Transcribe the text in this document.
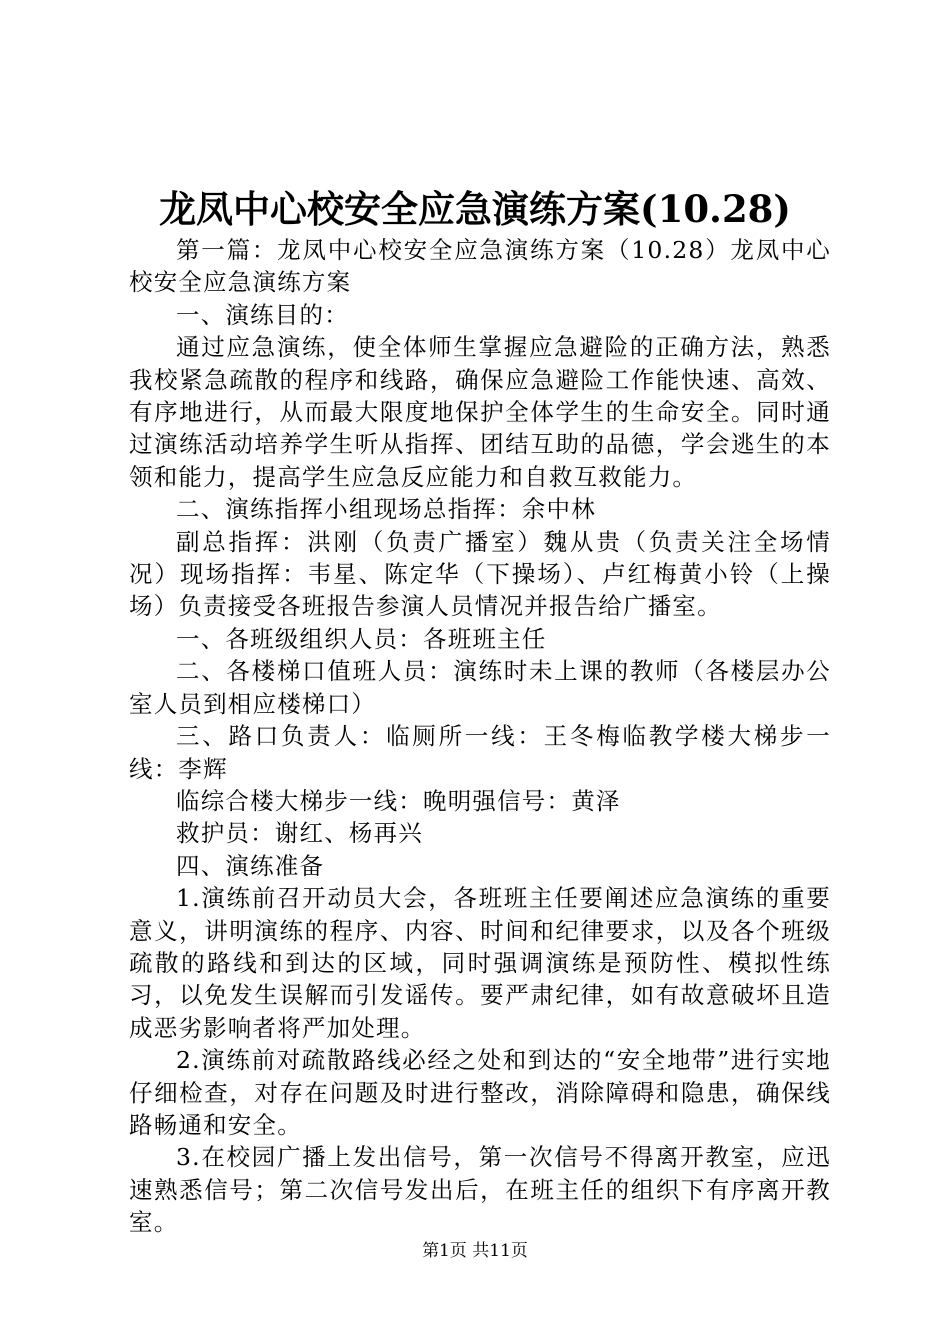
龙凤中心校安全应急演练方案(10.28)

第一篇：龙凤中心校安全应急演练方案（10.28）龙凤中心校安全应急演练方案

一、演练目的：

通过应急演练，使全体师生掌握应急避险的正确方法，熟悉我校紧急疏散的程序和线路，确保应急避险工作能快速、高效、有序地进行，从而最大限度地保护全体学生的生命安全。同时通过演练活动培养学生听从指挥、团结互助的品德，学会逃生的本领和能力，提高学生应急反应能力和自救互救能力。

二、演练指挥小组现场总指挥：余中林

副总指挥：洪刚（负责广播室）魏从贵（负责关注全场情况）现场指挥：韦星、陈定华（下操场）、卢红梅黄小铃（上操场）负责接受各班报告参演人员情况并报告给广播室。

一、各班级组织人员：各班班主任

二、各楼梯口值班人员：演练时未上课的教师（各楼层办公室人员到相应楼梯口）

三、路口负责人：临厕所一线：王冬梅临教学楼大梯步一线：李辉

临综合楼大梯步一线：晚明强信号：黄泽

救护员：谢红、杨再兴

四、演练准备

1.演练前召开动员大会，各班班主任要阐述应急演练的重要意义，讲明演练的程序、内容、时间和纪律要求，以及各个班级疏散的路线和到达的区域，同时强调演练是预防性、模拟性练习，以免发生误解而引发谣传。要严肃纪律，如有故意破坏且造成恶劣影响者将严加处理。

2.演练前对疏散路线必经之处和到达的“安全地带”进行实地仔细检查，对存在问题及时进行整改，消除障碍和隐患，确保线路畅通和安全。

3.在校园广播上发出信号，第一次信号不得离开教室，应迅速熟悉信号；第二次信号发出后，在班主任的组织下有序离开教室。

第1页 共11页
